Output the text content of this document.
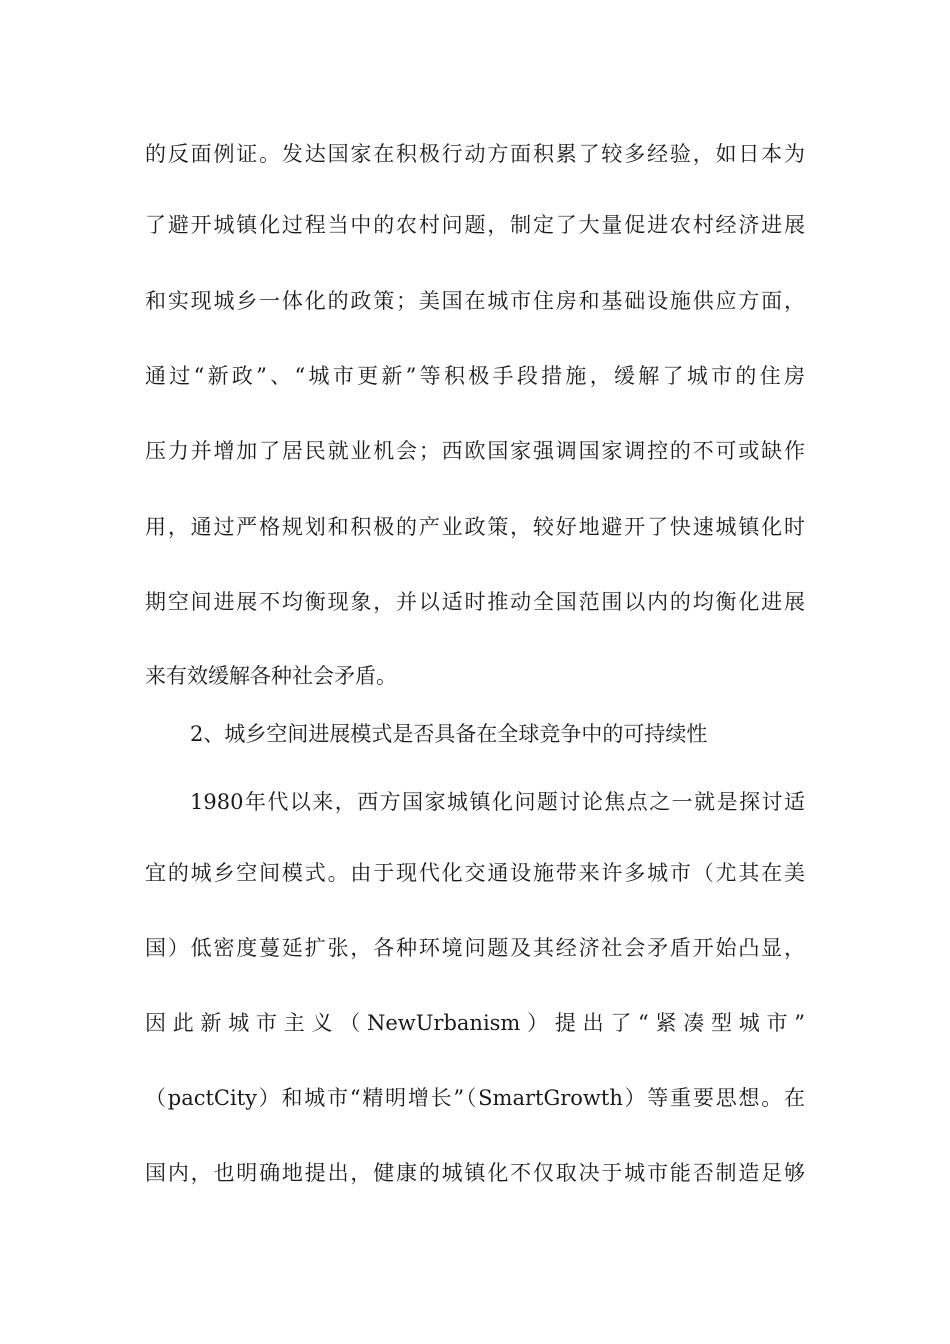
的反面例证。发达国家在积极行动方面积累了较多经验，如日本为
了避开城镇化过程当中的农村问题，制定了大量促进农村经济进展
和实现城乡一体化的政策；美国在城市住房和基础设施供应方面，
通过“新政”、“城市更新”等积极手段措施，缓解了城市的住房
压力并增加了居民就业机会；西欧国家强调国家调控的不可或缺作
用，通过严格规划和积极的产业政策，较好地避开了快速城镇化时
期空间进展不均衡现象，并以适时推动全国范围以内的均衡化进展
来有效缓解各种社会矛盾。
2、城乡空间进展模式是否具备在全球竞争中的可持续性
1980年代以来，西方国家城镇化问题讨论焦点之一就是探讨适
宜的城乡空间模式。由于现代化交通设施带来许多城市（尤其在美
国）低密度蔓延扩张，各种环境问题及其经济社会矛盾开始凸显，
因此新城市主义（NewUrbanism）提出了“紧凑型城市”
（pactCity）和城市“精明增长”（SmartGrowth）等重要思想。在
国内，也明确地提出，健康的城镇化不仅取决于城市能否制造足够
